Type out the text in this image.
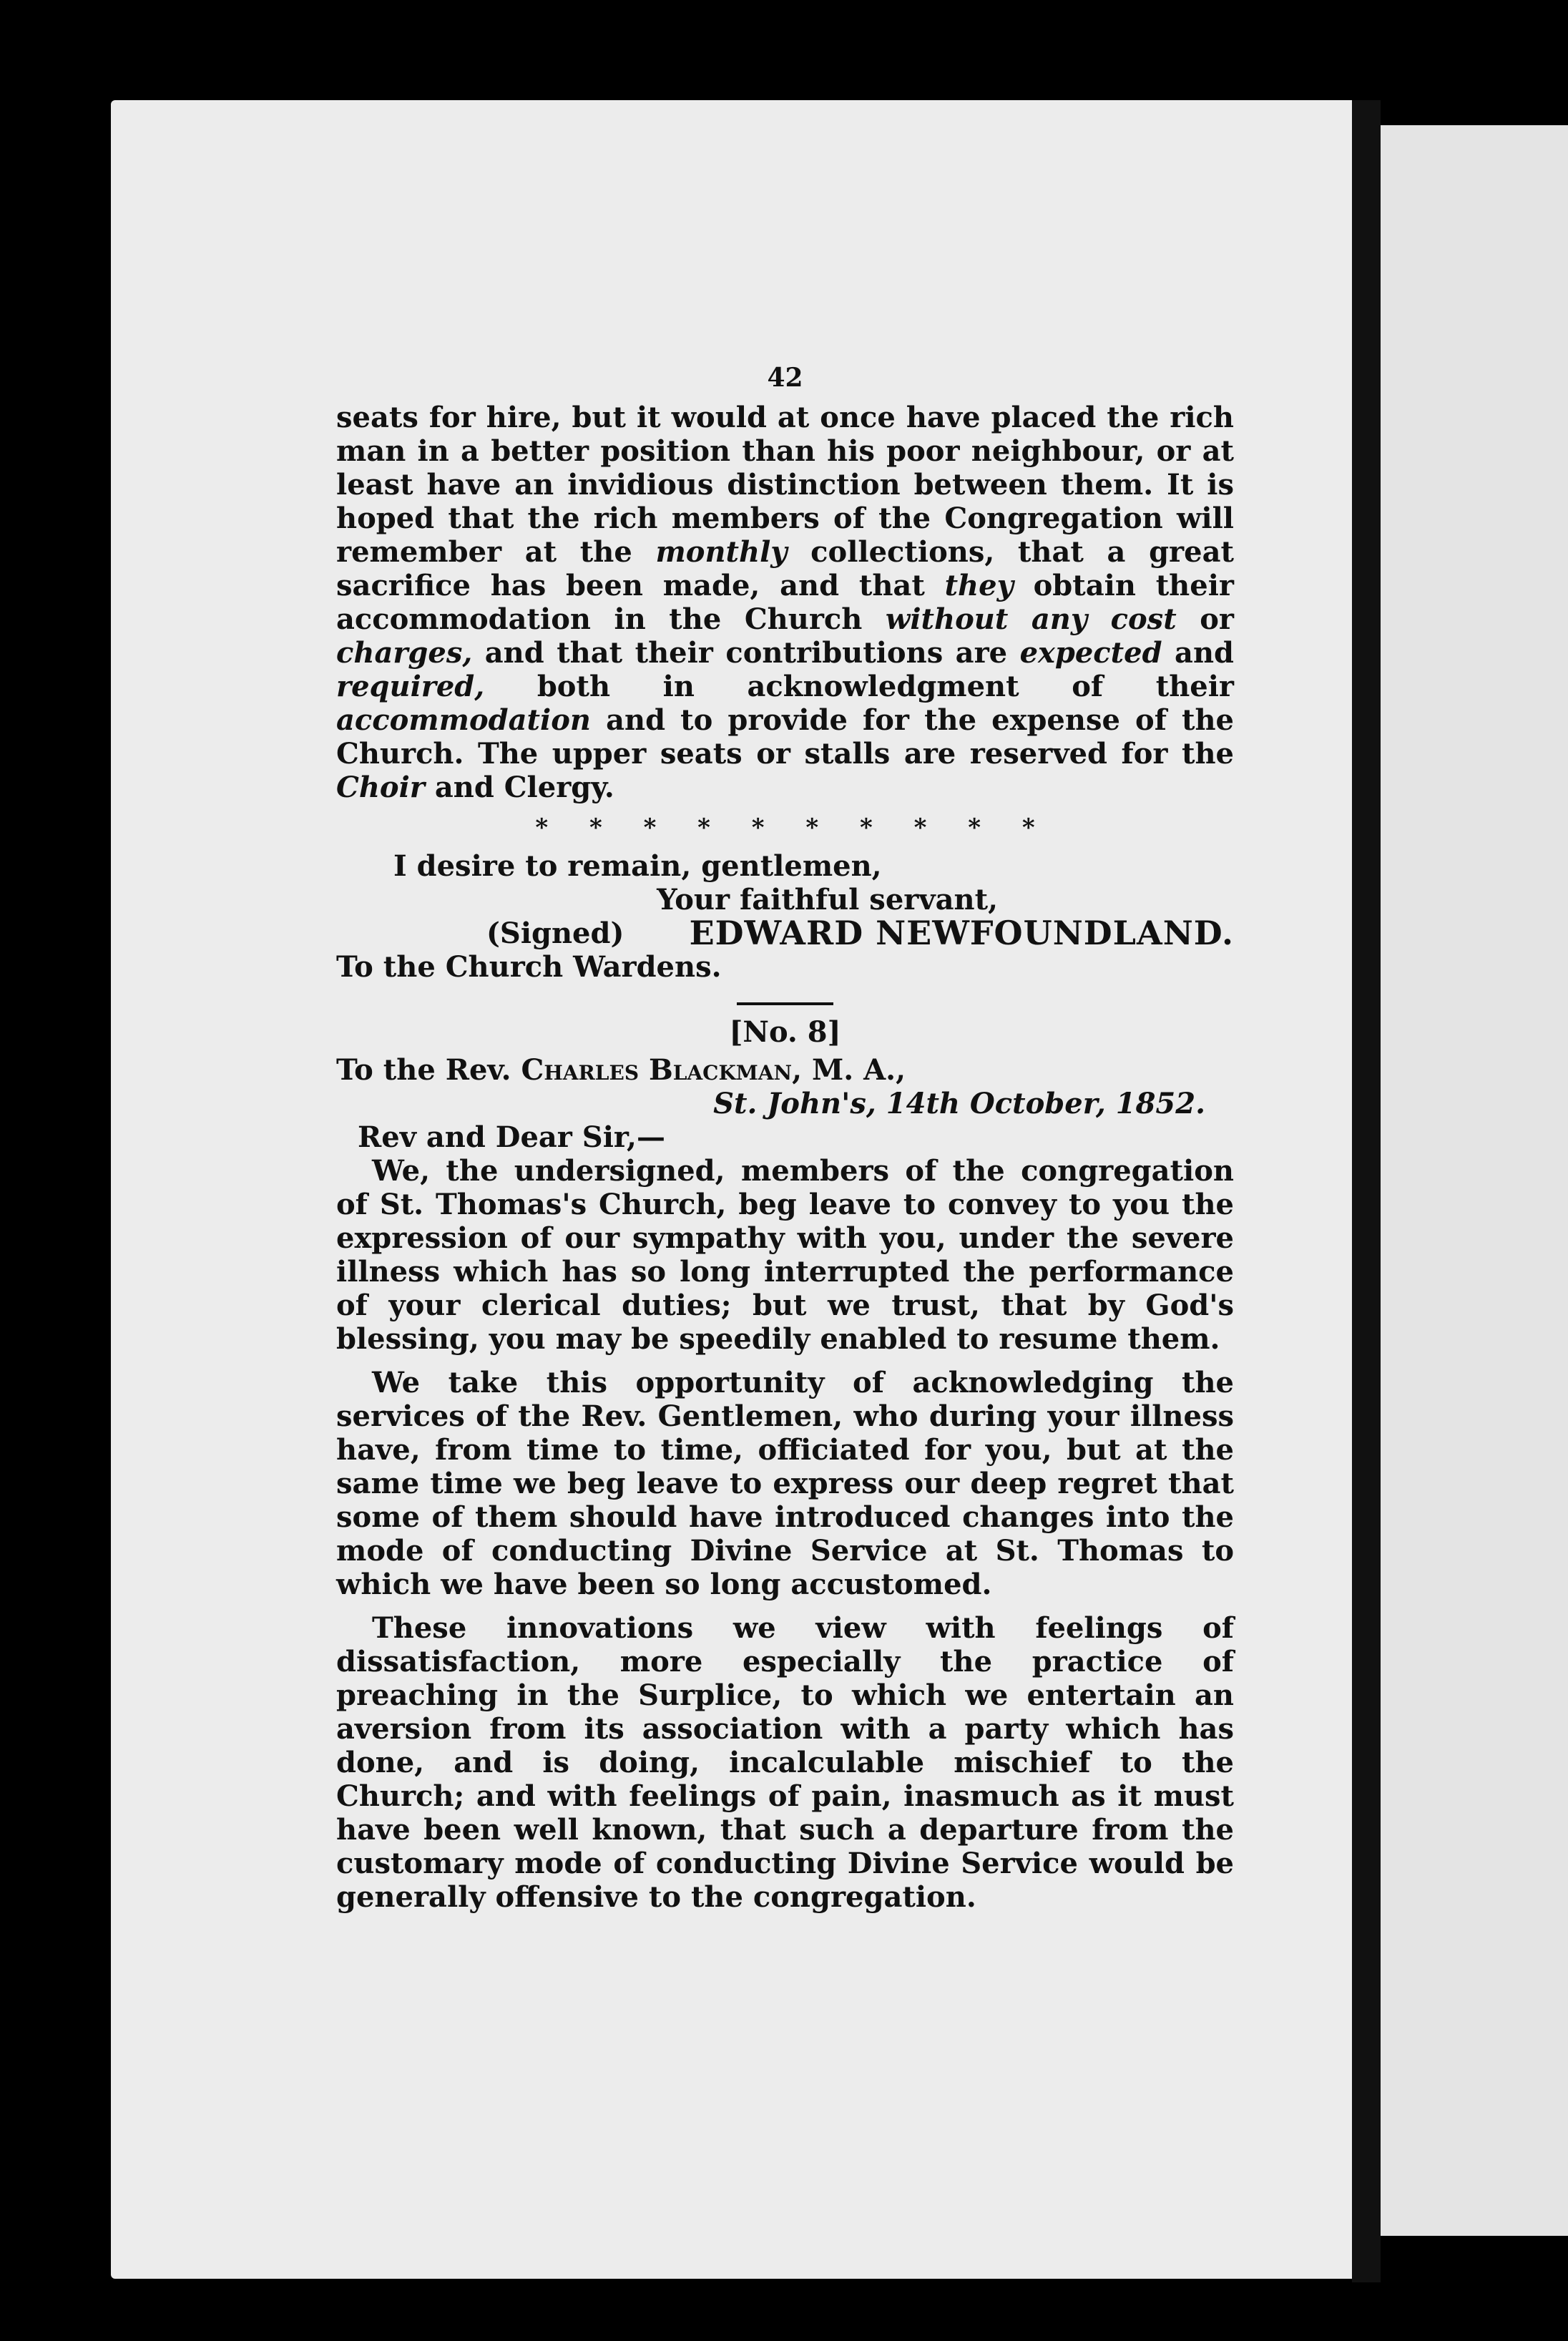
42

seats for hire, but it would at once have placed the rich man in a better position than his poor neighbour, or at least have an invidious distinction between them. It is hoped that the rich members of the Congregation will remember at the monthly collections, that a great sacrifice has been made, and that they obtain their accommodation in the Church without any cost or charges, and that their contributions are expected and required, both in acknowledgment of their accommodation and to provide for the expense of the Church. The upper seats or stalls are reserved for the Choir and Clergy.

* * * * * * * * * *
I desire to remain, gentlemen,
Your faithful servant,
(Signed) EDWARD NEWFOUNDLAND.
To the Church Wardens.
[No. 8]
To the Rev. Charles Blackman, M. A.,
St. John's, 14th October, 1852.
Rev and Dear Sir,—

We, the undersigned, members of the congregation of St. Thomas's Church, beg leave to convey to you the expression of our sympathy with you, under the severe illness which has so long interrupted the performance of your clerical duties; but we trust, that by God's blessing, you may be speedily enabled to resume them.

We take this opportunity of acknowledging the services of the Rev. Gentlemen, who during your illness have, from time to time, officiated for you, but at the same time we beg leave to express our deep regret that some of them should have introduced changes into the mode of conducting Divine Service at St. Thomas to which we have been so long accustomed.

These innovations we view with feelings of dissatisfaction, more especially the practice of preaching in the Surplice, to which we entertain an aversion from its association with a party which has done, and is doing, incalculable mischief to the Church; and with feelings of pain, inasmuch as it must have been well known, that such a departure from the customary mode of conducting Divine Service would be generally offensive to the congregation.
